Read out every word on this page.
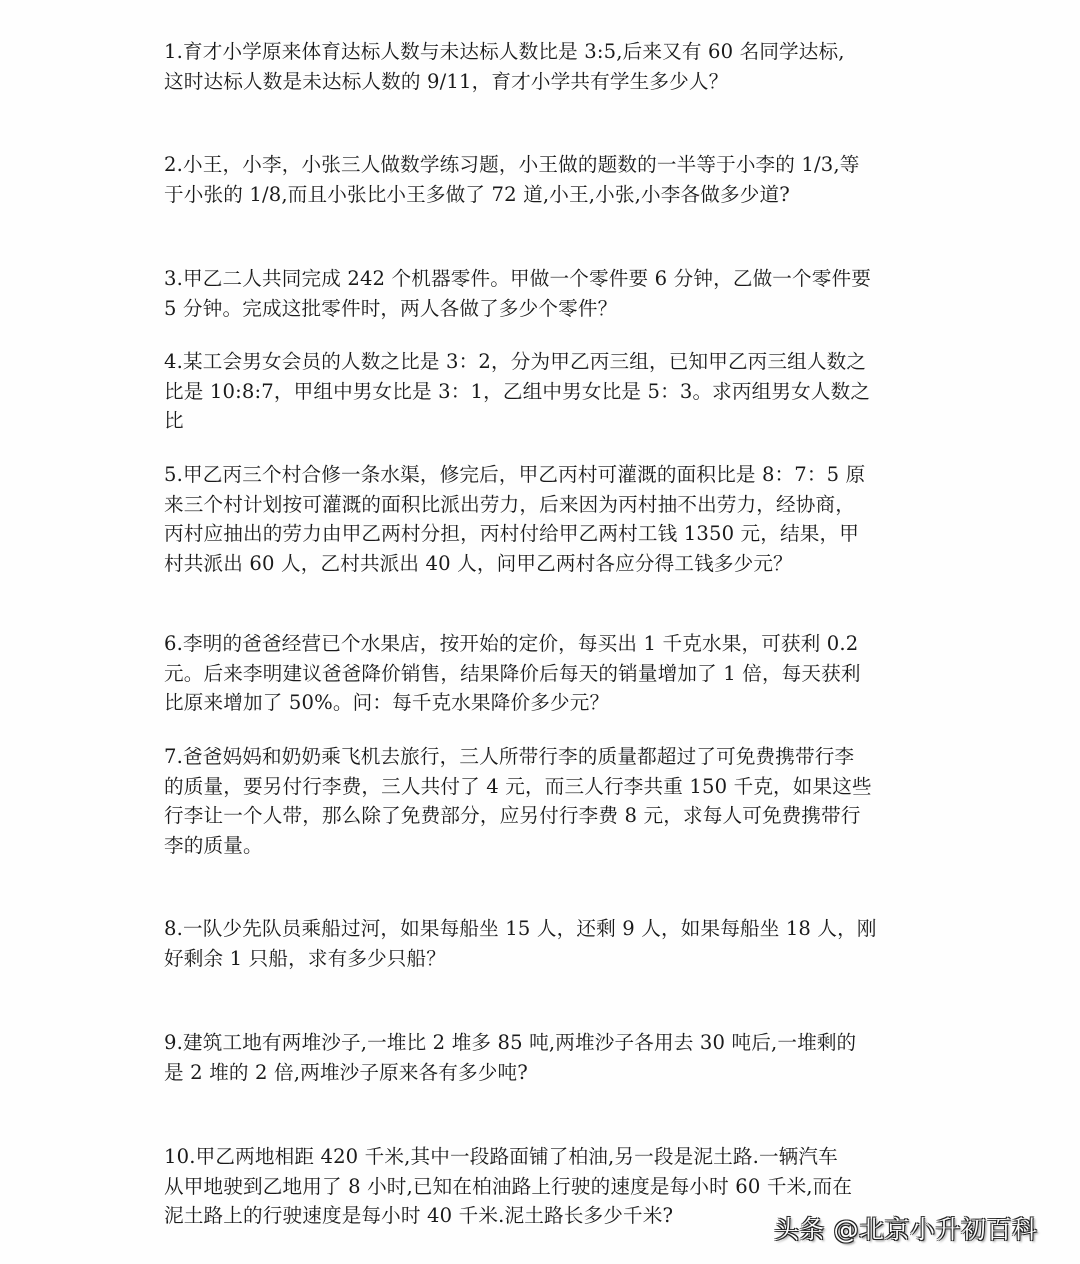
1.育才小学原来体育达标人数与未达标人数比是 3:5,后来又有 60 名同学达标,
这时达标人数是未达标人数的 9/11，育才小学共有学生多少人？
2.小王，小李，小张三人做数学练习题，小王做的题数的一半等于小李的 1/3,等
于小张的 1/8,而且小张比小王多做了 72 道,小王,小张,小李各做多少道?
3.甲乙二人共同完成 242 个机器零件。甲做一个零件要 6 分钟，乙做一个零件要
5 分钟。完成这批零件时，两人各做了多少个零件？
4.某工会男女会员的人数之比是 3：2，分为甲乙丙三组，已知甲乙丙三组人数之
比是 10:8:7，甲组中男女比是 3：1，乙组中男女比是 5：3。求丙组男女人数之
比
5.甲乙丙三个村合修一条水渠，修完后，甲乙丙村可灌溉的面积比是 8：7：5 原
来三个村计划按可灌溉的面积比派出劳力，后来因为丙村抽不出劳力，经协商，
丙村应抽出的劳力由甲乙两村分担，丙村付给甲乙两村工钱 1350 元，结果，甲
村共派出 60 人，乙村共派出 40 人，问甲乙两村各应分得工钱多少元？
6.李明的爸爸经营已个水果店，按开始的定价，每买出 1 千克水果，可获利 0.2
元。后来李明建议爸爸降价销售，结果降价后每天的销量增加了 1 倍，每天获利
比原来增加了 50%。问：每千克水果降价多少元？
7.爸爸妈妈和奶奶乘飞机去旅行，三人所带行李的质量都超过了可免费携带行李
的质量，要另付行李费，三人共付了 4 元，而三人行李共重 150 千克，如果这些
行李让一个人带，那么除了免费部分，应另付行李费 8 元，求每人可免费携带行
李的质量。
8.一队少先队员乘船过河，如果每船坐 15 人，还剩 9 人，如果每船坐 18 人，刚
好剩余 1 只船，求有多少只船？
9.建筑工地有两堆沙子,一堆比 2 堆多 85 吨,两堆沙子各用去 30 吨后,一堆剩的
是 2 堆的 2 倍,两堆沙子原来各有多少吨?
10.甲乙两地相距 420 千米,其中一段路面铺了柏油,另一段是泥土路.一辆汽车
从甲地驶到乙地用了 8 小时,已知在柏油路上行驶的速度是每小时 60 千米,而在
泥土路上的行驶速度是每小时 40 千米.泥土路长多少千米?	头条 @北京小升初百科
